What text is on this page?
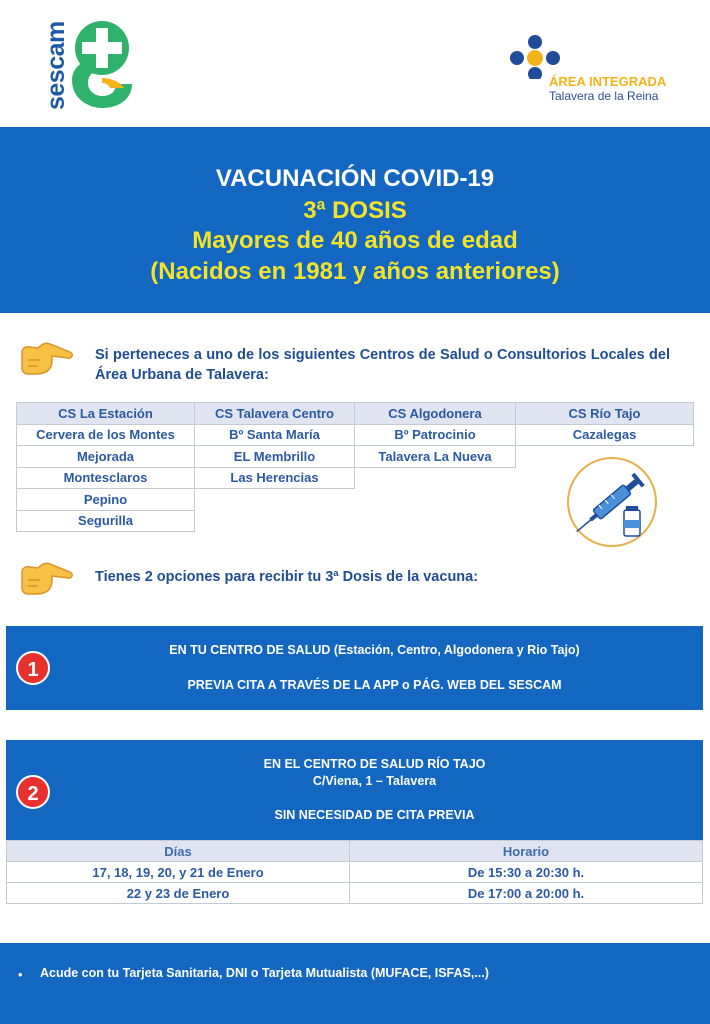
sescam	ÁREA INTEGRADA
Talavera de la Reina
VACUNACIÓN COVID-19
3ª DOSIS
Mayores de 40 años de edad
(Nacidos en 1981 y años anteriores)
Si perteneces a uno de los siguientes Centros de Salud o Consultorios Locales del Área Urbana de Talavera:
CS La Estación	CS Talavera Centro	CS Algodonera	CS Río Tajo
Cervera de los Montes	Bº Santa María	Bº Patrocinio	Cazalegas
Mejorada	EL Membrillo	Talavera La Nueva	
Montesclaros	Las Herencias		
Pepino			
Segurilla			
Tienes 2 opciones para recibir tu 3ª Dosis de la vacuna:
1
EN TU CENTRO DE SALUD (Estación, Centro, Algodonera y Rio Tajo)
PREVIA CITA A TRAVÉS DE LA APP o PÁG. WEB DEL SESCAM
2
EN EL CENTRO DE SALUD RÍO TAJO
C/Viena, 1 – Talavera
SIN NECESIDAD DE CITA PREVIA
Días	Horario
17, 18, 19, 20, y 21 de Enero	De 15:30 a 20:30 h.
22 y 23 de Enero	De 17:00 a 20:00 h.
• Acude con tu Tarjeta Sanitaria, DNI o Tarjeta Mutualista (MUFACE, ISFAS,...)
